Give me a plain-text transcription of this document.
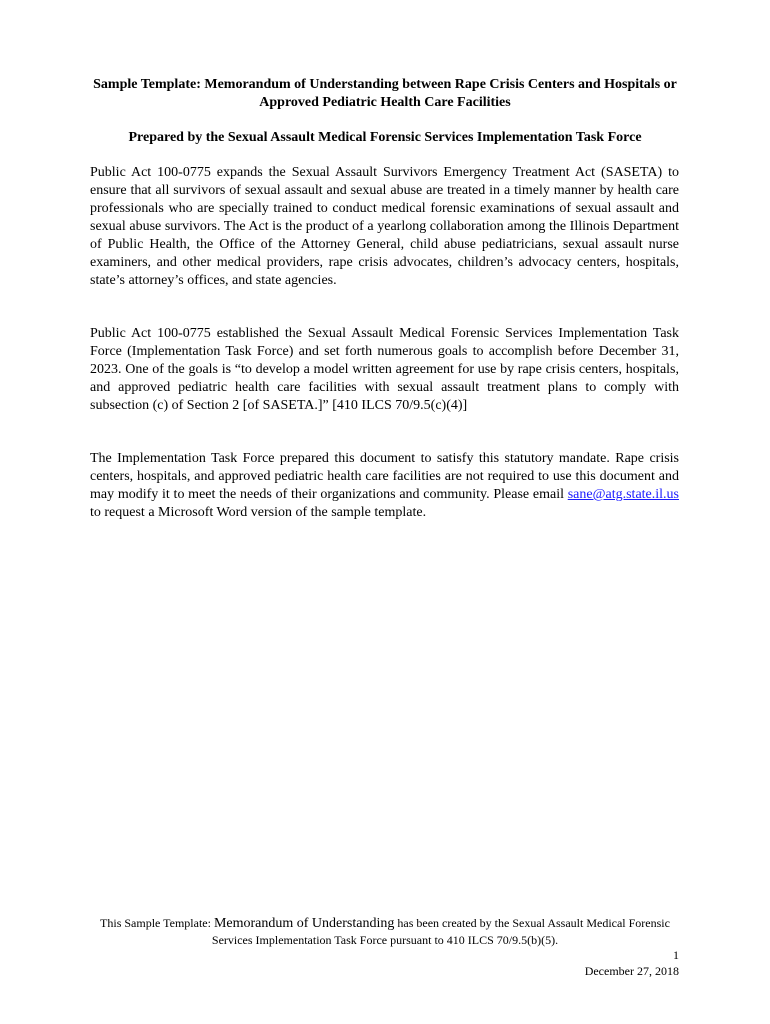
Sample Template: Memorandum of Understanding between Rape Crisis Centers and Hospitals or Approved Pediatric Health Care Facilities

Prepared by the Sexual Assault Medical Forensic Services Implementation Task Force

Public Act 100-0775 expands the Sexual Assault Survivors Emergency Treatment Act (SASETA) to ensure that all survivors of sexual assault and sexual abuse are treated in a timely manner by health care professionals who are specially trained to conduct medical forensic examinations of sexual assault and sexual abuse survivors. The Act is the product of a yearlong collaboration among the Illinois Department of Public Health, the Office of the Attorney General, child abuse pediatricians, sexual assault nurse examiners, and other medical providers, rape crisis advocates, children’s advocacy centers, hospitals, state’s attorney’s offices, and state agencies.

Public Act 100-0775 established the Sexual Assault Medical Forensic Services Implementation Task Force (Implementation Task Force) and set forth numerous goals to accomplish before December 31, 2023. One of the goals is “to develop a model written agreement for use by rape crisis centers, hospitals, and approved pediatric health care facilities with sexual assault treatment plans to comply with subsection (c) of Section 2 [of SASETA.]” [410 ILCS 70/9.5(c)(4)]

The Implementation Task Force prepared this document to satisfy this statutory mandate. Rape crisis centers, hospitals, and approved pediatric health care facilities are not required to use this document and may modify it to meet the needs of their organizations and community. Please email sane@atg.state.il.us to request a Microsoft Word version of the sample template.

This Sample Template: Memorandum of Understanding has been created by the Sexual Assault Medical Forensic Services Implementation Task Force pursuant to 410 ILCS 70/9.5(b)(5).

1
December 27, 2018
